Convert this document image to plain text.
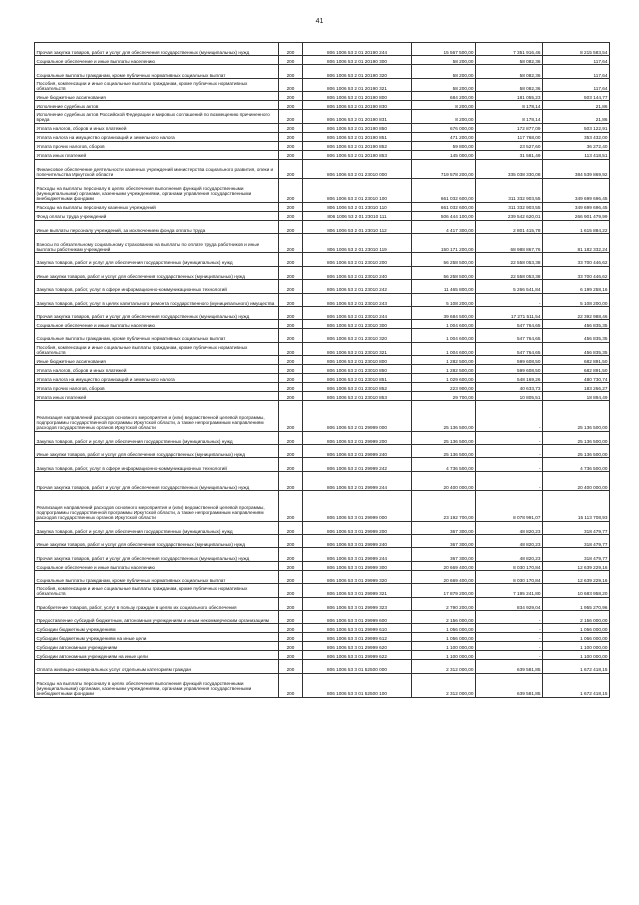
41
Прочая закупка товаров, работ и услуг для обеспечения государственных (муниципальных) нужд	200	806 1006 53 2 01 20190 244	15 567 500,00	7 351 916,46	8 215 583,54
Социальное обеспечение и иные выплаты населению	200	806 1006 53 2 01 20190 300	58 200,00	58 082,36	117,64
Социальные выплаты гражданам, кроме публичных нормативных социальных выплат	200	806 1006 53 2 01 20190 320	58 200,00	58 082,36	117,64
Пособия, компенсации и иные социальные выплаты гражданам, кроме публичных нормативных обязательств	200	806 1006 53 2 01 20190 321	58 200,00	58 082,36	117,64
Иные бюджетные ассигнования	200	806 1006 53 2 01 20190 800	684 200,00	181 055,23	503 144,77
Исполнение судебных актов	200	806 1006 53 2 01 20190 830	8 200,00	8 178,14	21,86
Исполнение судебных актов Российской Федерации и мировых соглашений по возмещению причиненного вреда	200	806 1006 53 2 01 20190 831	8 200,00	8 178,14	21,86
Уплата налогов, сборов и иных платежей	200	806 1006 53 2 01 20190 850	676 000,00	172 877,09	503 122,91
Уплата налога на имущество организаций и земельного налога	200	806 1006 53 2 01 20190 851	471 200,00	117 768,00	353 432,00
Уплата прочих налогов, сборов	200	806 1006 53 2 01 20190 852	59 800,00	23 527,60	36 272,40
Уплата иных платежей	200	806 1006 53 2 01 20190 853	145 000,00	31 581,49	113 418,51
Финансовое обеспечение деятельности казенных учреждений министерства социального развития, опеки и попечительства Иркутской области	200	806 1006 53 2 01 23010 000	719 578 200,00	335 038 330,08	384 539 869,92
Расходы на выплаты персоналу в целях обеспечения выполнения функций государственными (муниципальными) органами, казенными учреждениями, органами управления государственными внебюджетными фондами	200	806 1006 53 2 01 23010 100	661 032 600,00	311 332 903,55	349 699 696,45
Расходы на выплаты персоналу казенных учреждений	200	806 1006 53 2 01 23010 110	661 032 600,00	311 332 903,55	349 699 696,45
Фонд оплаты труда учреждений	200	806 1006 53 2 01 23010 111	506 444 100,00	239 542 620,01	266 901 479,99
Иные выплаты персоналу учреждений, за исключением фонда оплаты труда	200	806 1006 53 2 01 23010 112	4 417 300,00	2 801 415,78	1 615 884,22
Взносы по обязательному социальному страхованию на выплаты по оплате труда работников и иные выплаты работникам учреждений	200	806 1006 53 2 01 23010 119	150 171 200,00	68 988 867,76	81 182 332,24
Закупка товаров, работ и услуг для обеспечения государственных (муниципальных) нужд	200	806 1006 53 2 01 23010 200	56 258 500,00	22 558 053,38	33 700 446,62
Иные закупки товаров, работ и услуг для обеспечения государственных (муниципальных) нужд	200	806 1006 53 2 01 23010 240	56 258 500,00	22 558 053,38	33 700 446,62
Закупка товаров, работ, услуг в сфере информационно-коммуникационных технологий	200	806 1006 53 2 01 23010 242	11 465 800,00	5 266 541,84	6 199 258,16
Закупка товаров, работ, услуг в целях капитального ремонта государственного (муниципального) имущества	200	806 1006 53 2 01 23010 243	5 108 200,00	-	5 108 200,00
Прочая закупка товаров, работ и услуг для обеспечения государственных (муниципальных) нужд	200	806 1006 53 2 01 23010 244	39 684 500,00	17 271 511,54	22 392 988,46
Социальное обеспечение и иные выплаты населению	200	806 1006 53 2 01 23010 300	1 004 600,00	547 764,65	456 835,35
Социальные выплаты гражданам, кроме публичных нормативных социальных выплат	200	806 1006 53 2 01 23010 320	1 004 600,00	547 764,65	456 835,35
Пособия, компенсации и иные социальные выплаты гражданам, кроме публичных нормативных обязательств	200	806 1006 53 2 01 23010 321	1 004 600,00	547 764,65	456 835,35
Иные бюджетные ассигнования	200	806 1006 53 2 01 23010 800	1 282 500,00	599 608,50	682 891,50
Уплата налогов, сборов и иных платежей	200	806 1006 53 2 01 23010 850	1 282 500,00	599 608,50	682 891,50
Уплата налога на имущество организаций и земельного налога	200	806 1006 53 2 01 23010 851	1 029 600,00	548 169,26	480 730,74
Уплата прочих налогов, сборов	200	806 1006 53 2 01 23010 852	223 900,00	40 633,73	183 266,27
Уплата иных платежей	200	806 1006 53 2 01 23010 853	29 700,00	10 805,51	18 894,49
Реализация направлений расходов основного мероприятия и (или) ведомственной целевой программы, подпрограммы государственной программы Иркутской области, а также непрограммным направлениям расходов государственных органов Иркутской области	200	806 1006 53 2 01 29999 000	25 136 500,00	-	25 136 500,00
Закупка товаров, работ и услуг для обеспечения государственных (муниципальных) нужд	200	806 1006 53 2 01 29999 200	25 136 500,00	-	25 136 500,00
Иные закупки товаров, работ и услуг для обеспечения государственных (муниципальных) нужд	200	806 1006 53 2 01 29999 240	25 136 500,00	-	25 136 500,00
Закупка товаров, работ, услуг в сфере информационно-коммуникационных технологий	200	806 1006 53 2 01 29999 242	4 736 500,00	-	4 736 500,00
Прочая закупка товаров, работ и услуг для обеспечения государственных (муниципальных) нужд	200	806 1006 53 2 01 29999 244	20 400 000,00	-	20 400 000,00
Реализация направлений расходов основного мероприятия и (или) ведомственной целевой программы, подпрограммы государственной программы Иркутской области, а также непрограммным направлениям расходов государственных органов Иркутской области	200	806 1006 53 3 01 29999 000	23 192 700,00	8 078 991,07	15 113 708,93
Закупка товаров, работ и услуг для обеспечения государственных (муниципальных) нужд	200	806 1006 53 3 01 29999 200	367 300,00	48 820,23	318 479,77
Иные закупки товаров, работ и услуг для обеспечения государственных (муниципальных) нужд	200	806 1006 53 3 01 29999 240	367 300,00	48 820,23	318 479,77
Прочая закупка товаров, работ и услуг для обеспечения государственных (муниципальных) нужд	200	806 1006 53 3 01 29999 244	367 300,00	48 820,23	318 479,77
Социальное обеспечение и иные выплаты населению	200	806 1006 53 3 01 29999 300	20 669 400,00	8 030 170,84	12 639 229,16
Социальные выплаты гражданам, кроме публичных нормативных социальных выплат	200	806 1006 53 3 01 29999 320	20 669 400,00	8 030 170,84	12 639 229,16
Пособия, компенсации и иные социальные выплаты гражданам, кроме публичных нормативных обязательств	200	806 1006 53 3 01 29999 321	17 879 200,00	7 195 241,80	10 683 958,20
Приобретение товаров, работ, услуг в пользу граждан в целях их социального обеспечения	200	806 1006 53 3 01 29999 323	2 790 200,00	834 929,04	1 955 270,96
Предоставление субсидий бюджетным, автономным учреждениям и иным некоммерческим организациям	200	806 1006 53 3 01 29999 600	2 156 000,00	-	2 156 000,00
Субсидии бюджетным учреждениям	200	806 1006 53 3 01 29999 610	1 056 000,00	-	1 056 000,00
Субсидии бюджетным учреждениям на иные цели	200	806 1006 53 3 01 29999 612	1 056 000,00	-	1 056 000,00
Субсидии автономным учреждениям	200	806 1006 53 3 01 29999 620	1 100 000,00	-	1 100 000,00
Субсидии автономным учреждениям на иные цели	200	806 1006 53 3 01 29999 622	1 100 000,00	-	1 100 000,00
Оплата жилищно-коммунальных услуг отдельным категориям граждан	200	806 1006 53 3 01 52500 000	2 312 000,00	639 581,85	1 672 418,15
Расходы на выплаты персоналу в целях обеспечения выполнения функций государственными (муниципальными) органами, казенными учреждениями, органами управления государственными внебюджетными фондами	200	806 1006 53 3 01 52500 100	2 312 000,00	639 581,85	1 672 418,15
